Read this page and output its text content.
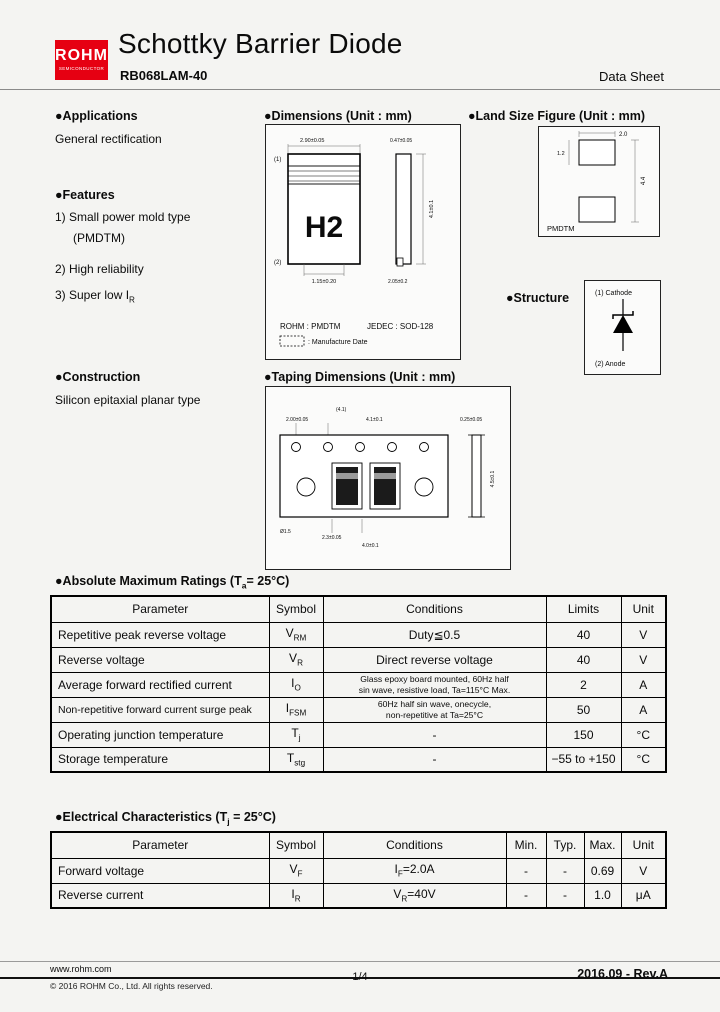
ROHM
SEMICONDUCTOR
Schottky Barrier Diode
RB068LAM-40	Data Sheet
●Applications
General rectification
●Features
1) Small power mold type
(PMDTM)
2) High reliability
3) Super low $I_R$
●Construction
Silicon epitaxial planar type
●Dimensions (Unit : mm)
2.90±0.05
(1)
(2)
H2
1.15±0.20
0.47±0.05
4.1±0.1
2.05±0.2
ROHM : PMDTM	JEDEC : SOD-128
: Manufacture Date
●Land Size Figure (Unit : mm)
2.0
1.2
4.4
PMDTM
●Structure	(1) Cathode
(2) Anode
●Taping Dimensions (Unit : mm)
2.00±0.05
(4.1)
4.1±0.1	0.25±0.05
Ø1.5
2.3±0.05
4.0±0.1
4.5±0.1
●Absolute Maximum Ratings $(T_a= 25^\circ C)$
Parameter	Symbol	Conditions	Limits	Unit
Repetitive peak reverse voltage	$V_{RM}$	Duty≦0.5	40	V
Reverse voltage	$V_R$	Direct reverse voltage	40	V
Average forward rectified current	$I_O$	Glass epoxy board mounted, 60Hz half
sin wave, resistive load, Ta=115°C Max.	2	A
Non-repetitive forward current surge peak	$I_{FSM}$	60Hz half sin wave, onecycle,
non-repetitive at Ta=25°C	50	A
Operating junction temperature	$T_j$	-	150	°C
Storage temperature	$T_{stg}$	-	−55 to +150	°C
●Electrical Characteristics $(T_j = 25^\circ C)$
Parameter	Symbol	Conditions	Min.	Typ.	Max.	Unit
Forward voltage	$V_F$	$I_F=2.0A$	-	-	0.69	V
Reverse current	$I_R$	$V_R=40V$	-	-	1.0	μA
www.rohm.com
© 2016 ROHM Co., Ltd. All rights reserved.
1/4	2016.09 - Rev.A
